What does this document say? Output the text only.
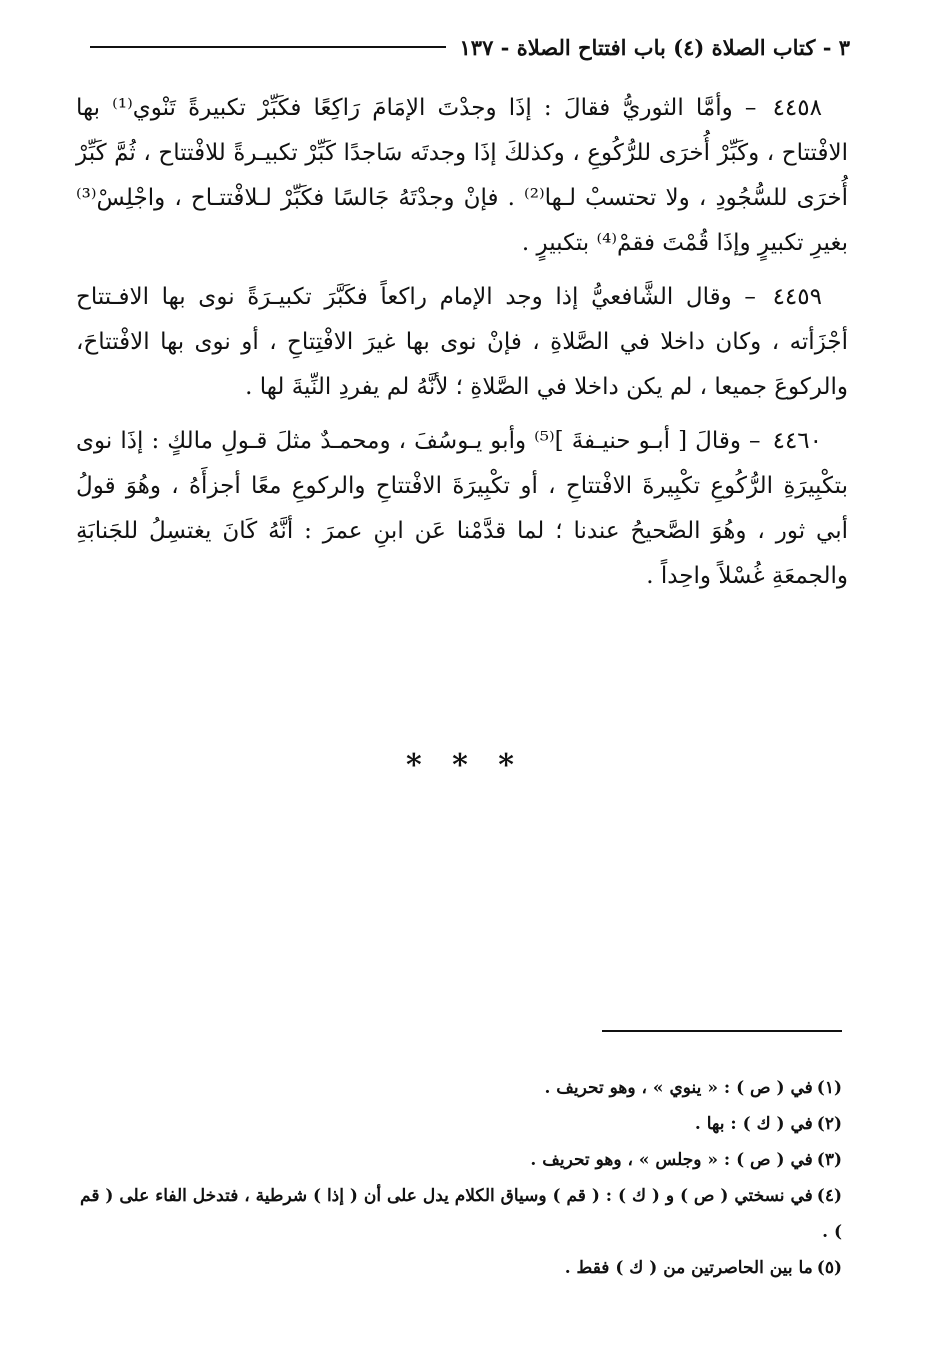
٣ - كتاب الصلاة (٤) باب افتتاح الصلاة - ١٣٧

٤٤٥٨ – وأمَّا الثوريُّ فقالَ : إذَا وجدْتَ الإمَامَ رَاكِعًا فكَبِّرْ تكبيرةً تَنْوي⁽¹⁾ بها الافْتتاح ، وكَبِّرْ أُخرَى للرُّكُوعِ ، وكذلكَ إذَا وجدتَه سَاجدًا كَبِّرْ تكبيـرةً للافْتتاح ، ثُمَّ كَبِّرْ أُخرَى للسُّجُودِ ، ولا تحتسبْ لـها⁽²⁾ . فإنْ وجدْتَهُ جَالسًا فكَبِّرْ لـلافْتتـاح ، واجْلِسْ⁽³⁾ بغيرِ تكبيرٍ وإذَا قُمْتَ فقمْ⁽⁴⁾ بتكبيرٍ .

٤٤٥٩ – وقال الشَّافعيُّ إذا وجد الإمام راكعاً فكَبَّرَ تكبيـرَةً نوى بها الافـتتاح أجْزَأته ، وكان داخلا في الصَّلاةِ ، فإنْ نوى بها غيرَ الافْتِتاحِ ، أو نوى بها الافْتتاحَ، والركوعَ جميعا ، لم يكن داخلا في الصَّلاةِ ؛ لأنَّهُ لم يفردِ النِّيةَ لها .

٤٤٦٠ – وقالَ [ أبـو حنيـفةَ ]⁽⁵⁾ وأبو يـوسُفَ ، ومحمـدٌ مثلَ قـولِ مالكٍ : إذَا نوى بتكْبِيرَةِ الرُّكُوعِ تكْبِيرةَ الافْتتاحِ ، أو تكْبِيرَةَ الافْتتاحِ والركوعِ معًا أجزأَهُ ، وهُوَ قولُ أبي ثور ، وهُوَ الصَّحيحُ عندنا ؛ لما قدَّمْنا عَن ابنِ عمرَ : أنَّهُ كَانَ يغتسِلُ للجَنابَةِ والجمعَةِ غُسْلاً واحِداً .

* * *

(١)في ( ص ) : « ينوي » ، وهو تحريف .

(٢)في ( ك ) : بها .

(٣)في ( ص ) : « وجلس » ، وهو تحريف .

(٤)في نسختي ( ص ) و ( ك ) : ( قم ) وسياق الكلام يدل على أن ( إذا ) شرطية ، فتدخل الفاء على ( قم ) .

(٥)ما بين الحاصرتين من ( ك ) فقط .
